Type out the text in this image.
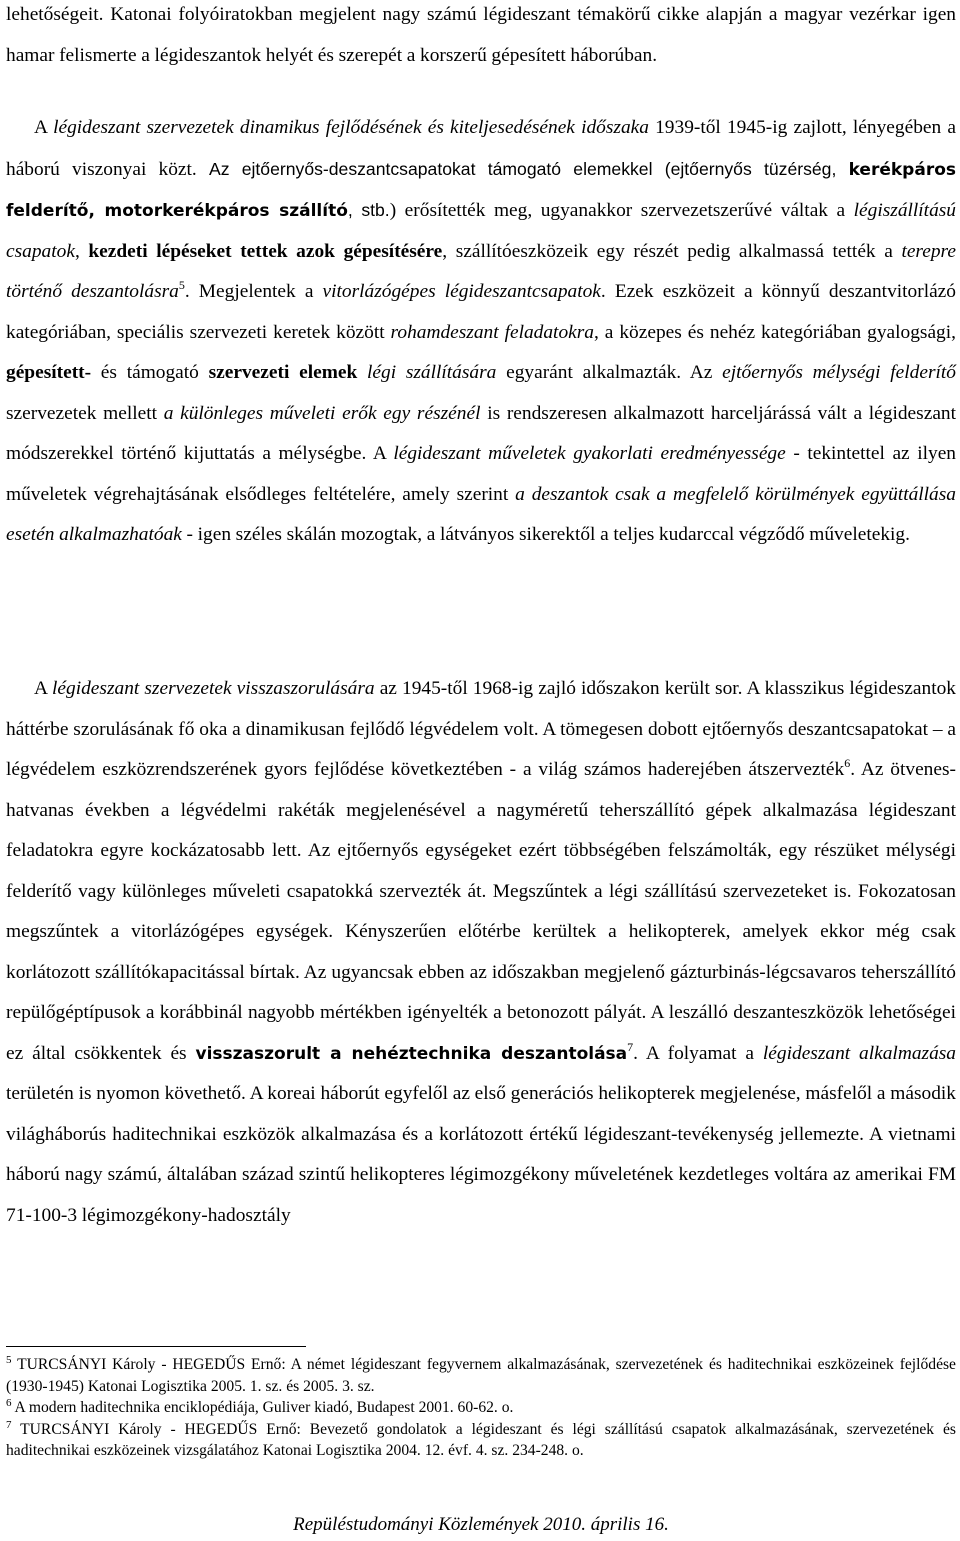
lehetőségeit. Katonai folyóiratokban megjelent nagy számú légideszant témakörű cikke alapján a magyar vezérkar igen hamar felismerte a légideszantok helyét és szerepét a korszerű gépesített háborúban.

A légideszant szervezetek dinamikus fejlődésének és kiteljesedésének időszaka 1939-től 1945-ig zajlott, lényegében a háború viszonyai közt. Az ejtőernyős-deszantcsapatokat támogató elemekkel (ejtőernyős tüzérség, kerékpáros felderítő, motorkerékpáros szállító, stb.) erősítették meg, ugyanakkor szervezetszerűvé váltak a légiszállítású csapatok, kezdeti lépéseket tettek azok gépesítésére, szállítóeszközeik egy részét pedig alkalmassá tették a terepre történő deszantolásra$^5$. Megjelentek a vitorlázógépes légideszantcsapatok. Ezek eszközeit a könnyű deszantvitorlázó kategóriában, speciális szervezeti keretek között rohamdeszant feladatokra, a közepes és nehéz kategóriában gyalogsági, gépesített- és támogató szervezeti elemek légi szállítására egyaránt alkalmazták. Az ejtőernyős mélységi felderítő szervezetek mellett a különleges műveleti erők egy részénél is rendszeresen alkalmazott harceljárássá vált a légideszant módszerekkel történő kijuttatás a mélységbe. A légideszant műveletek gyakorlati eredményessége - tekintettel az ilyen műveletek végrehajtásának elsődleges feltételére, amely szerint a deszantok csak a megfelelő körülmények együttállása esetén alkalmazhatóak - igen széles skálán mozogtak, a látványos sikerektől a teljes kudarccal végződő műveletekig.

A légideszant szervezetek visszaszorulására az 1945-től 1968-ig zajló időszakon került sor. A klasszikus légideszantok háttérbe szorulásának fő oka a dinamikusan fejlődő légvédelem volt. A tömegesen dobott ejtőernyős deszantcsapatokat – a légvédelem eszközrendszerének gyors fejlődése következtében - a világ számos haderejében átszervezték$^6$. Az ötvenes-hatvanas években a légvédelmi rakéták megjelenésével a nagyméretű teherszállító gépek alkalmazása légideszant feladatokra egyre kockázatosabb lett. Az ejtőernyős egységeket ezért többségében felszámolták, egy részüket mélységi felderítő vagy különleges műveleti csapatokká szervezték át. Megszűntek a légi szállítású szervezeteket is. Fokozatosan megszűntek a vitorlázógépes egységek. Kényszerűen előtérbe kerültek a helikopterek, amelyek ekkor még csak korlátozott szállítókapacitással bírtak. Az ugyancsak ebben az időszakban megjelenő gázturbinás-légcsavaros teherszállító repülőgéptípusok a korábbinál nagyobb mértékben igényelték a betonozott pályát. A leszálló deszanteszközök lehetőségei ez által csökkentek és visszaszorult a nehéztechnika deszantolása$^7$. A folyamat a légideszant alkalmazása területén is nyomon követhető. A koreai háborút egyfelől az első generációs helikopterek megjelenése, másfelől a második világháborús haditechnikai eszközök alkalmazása és a korlátozott értékű légideszant-tevékenység jellemezte. A vietnami háború nagy számú, általában század szintű helikopteres légimozgékony műveletének kezdetleges voltára az amerikai FM 71-100-3 légimozgékony-hadosztály

$^5$ TURCSÁNYI Károly - HEGEDŰS Ernő: A német légideszant fegyvernem alkalmazásának, szervezetének és haditechnikai eszközeinek fejlődése (1930-1945) Katonai Logisztika 2005. 1. sz. és 2005. 3. sz.

$^6$ A modern haditechnika enciklopédiája, Guliver kiadó, Budapest 2001. 60-62. o.

$^7$ TURCSÁNYI Károly - HEGEDŰS Ernő: Bevezető gondolatok a légideszant és légi szállítású csapatok alkalmazásának, szervezetének és haditechnikai eszközeinek vizsgálatához Katonai Logisztika 2004. 12. évf. 4. sz. 234-248. o.

Repüléstudományi Közlemények 2010. április 16.
